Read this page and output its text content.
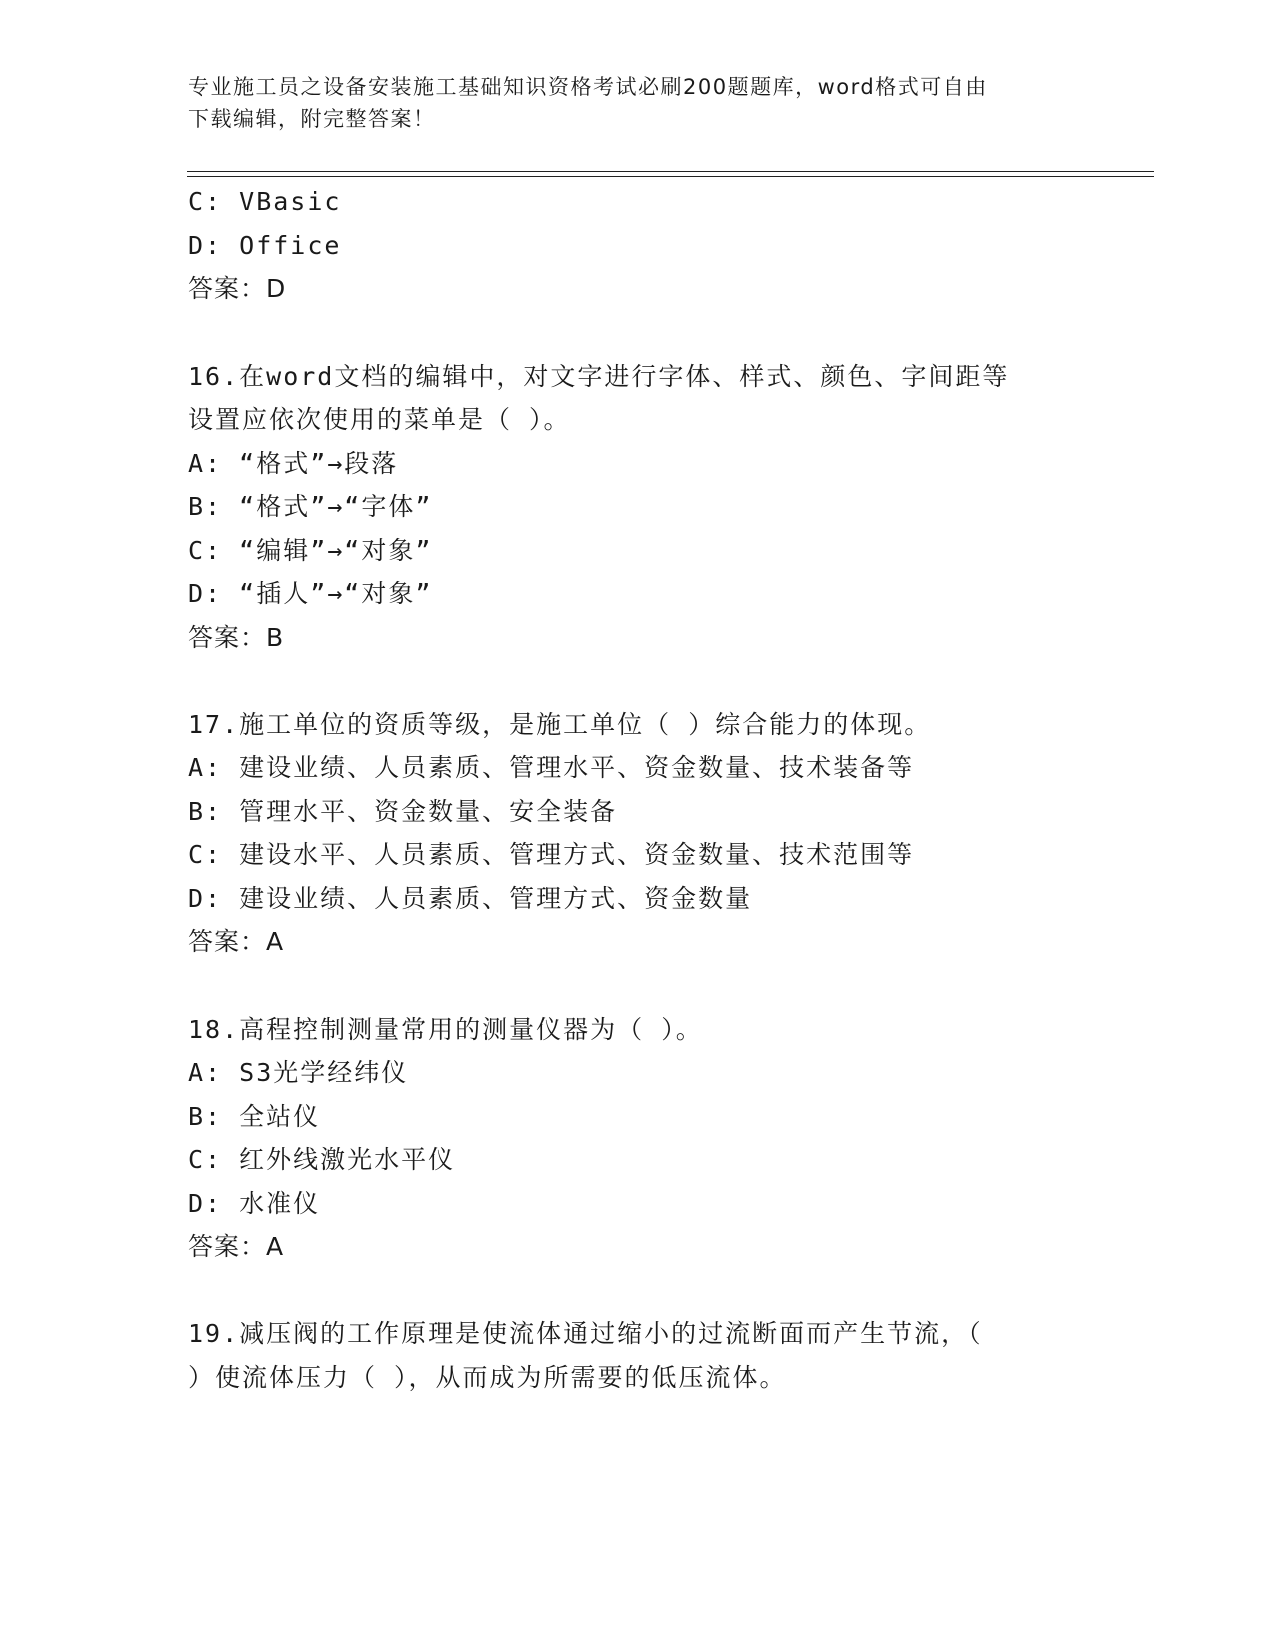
专业施工员之设备安装施工基础知识资格考试必刷200题题库，word格式可自由
下载编辑，附完整答案！
C: VBasic
D: Office
答案：D
16.在word文档的编辑中，对文字进行字体、样式、颜色、字间距等
设置应依次使用的菜单是（ ）。
A: “格式”→段落
B: “格式”→“字体”
C: “编辑”→“对象”
D: “插人”→“对象”
答案：B
17.施工单位的资质等级，是施工单位（ ）综合能力的体现。
A: 建设业绩、人员素质、管理水平、资金数量、技术装备等
B: 管理水平、资金数量、安全装备
C: 建设水平、人员素质、管理方式、资金数量、技术范围等
D: 建设业绩、人员素质、管理方式、资金数量
答案：A
18.高程控制测量常用的测量仪器为（ ）。
A: S3光学经纬仪
B: 全站仪
C: 红外线激光水平仪
D: 水准仪
答案：A
19.减压阀的工作原理是使流体通过缩小的过流断面而产生节流，（
）使流体压力（ ），从而成为所需要的低压流体。
